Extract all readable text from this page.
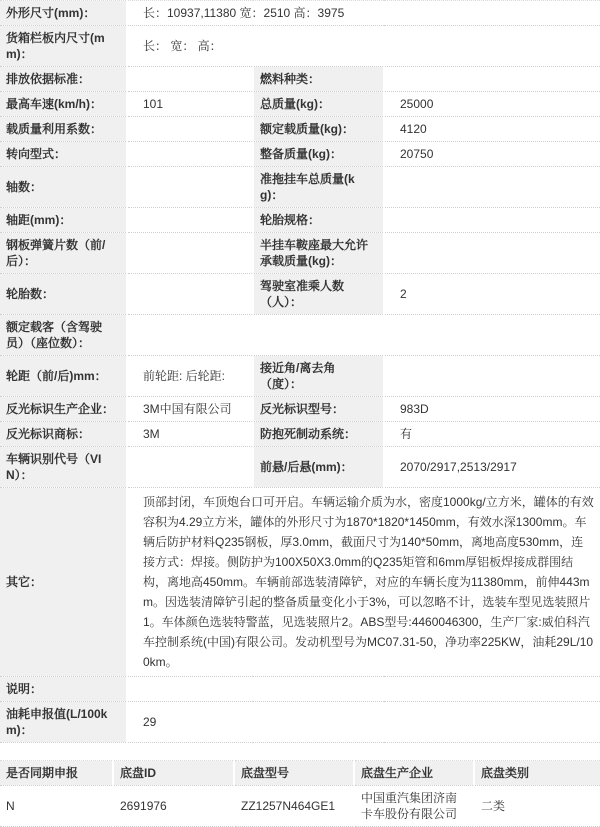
外形尺寸(mm)：	长：10937,11380 宽：2510 高：3975		
货箱栏板内尺寸(mm)：	长： 宽： 高：		
排放依据标准：		燃料种类：	
最高车速(km/h)：	101	总质量(kg)：	25000
载质量利用系数：		额定载质量(kg)：	4120
转向型式：		整备质量(kg)：	20750
轴数：		准拖挂车总质量(kg)：	
轴距(mm)：		轮胎规格：	
钢板弹簧片数（前/后）：		半挂车鞍座最大允许承载质量(kg)：	
轮胎数：		驾驶室准乘人数（人）：	2
额定载客（含驾驶员）（座位数）：			
轮距（前/后)mm：	前轮距: 后轮距:	接近角/离去角（度）：	
反光标识生产企业：	3M中国有限公司	反光标识型号：	983D
反光标识商标：	3M	防抱死制动系统：	有
车辆识别代号（VIN）：		前悬/后悬(mm)：	2070/2917,2513/2917
其它：	顶部封闭，车顶炮台口可开启。车辆运输介质为水，密度1000kg/立方米，罐体的有效容积为4.29立方米，罐体的外形尺寸为1870*1820*1450mm，有效水深1300mm。车辆后防护材料Q235钢板，厚3.0mm，截面尺寸为140*50mm，离地高度530mm，连接方式：焊接。侧防护为100X50X3.0mm的Q235矩管和6mm厚铝板焊接成群围结构，离地高450mm。车辆前部选装清障铲，对应的车辆长度为11380mm，前伸443mm。因选装清障铲引起的整备质量变化小于3%，可以忽略不计，选装车型见选装照片1。车体颜色选装特警蓝，见选装照片2。ABS型号:4460046300，生产厂家:威伯科汽车控制系统(中国)有限公司。发动机型号为MC07.31-50，净功率225KW，油耗29L/100km。		

说明：			
油耗申报值(L/100km)：	29		
是否同期申报	底盘ID	底盘型号	底盘生产企业	底盘类别
N	2691976	ZZ1257N464GE1	中国重汽集团济南卡车股份有限公司	二类
